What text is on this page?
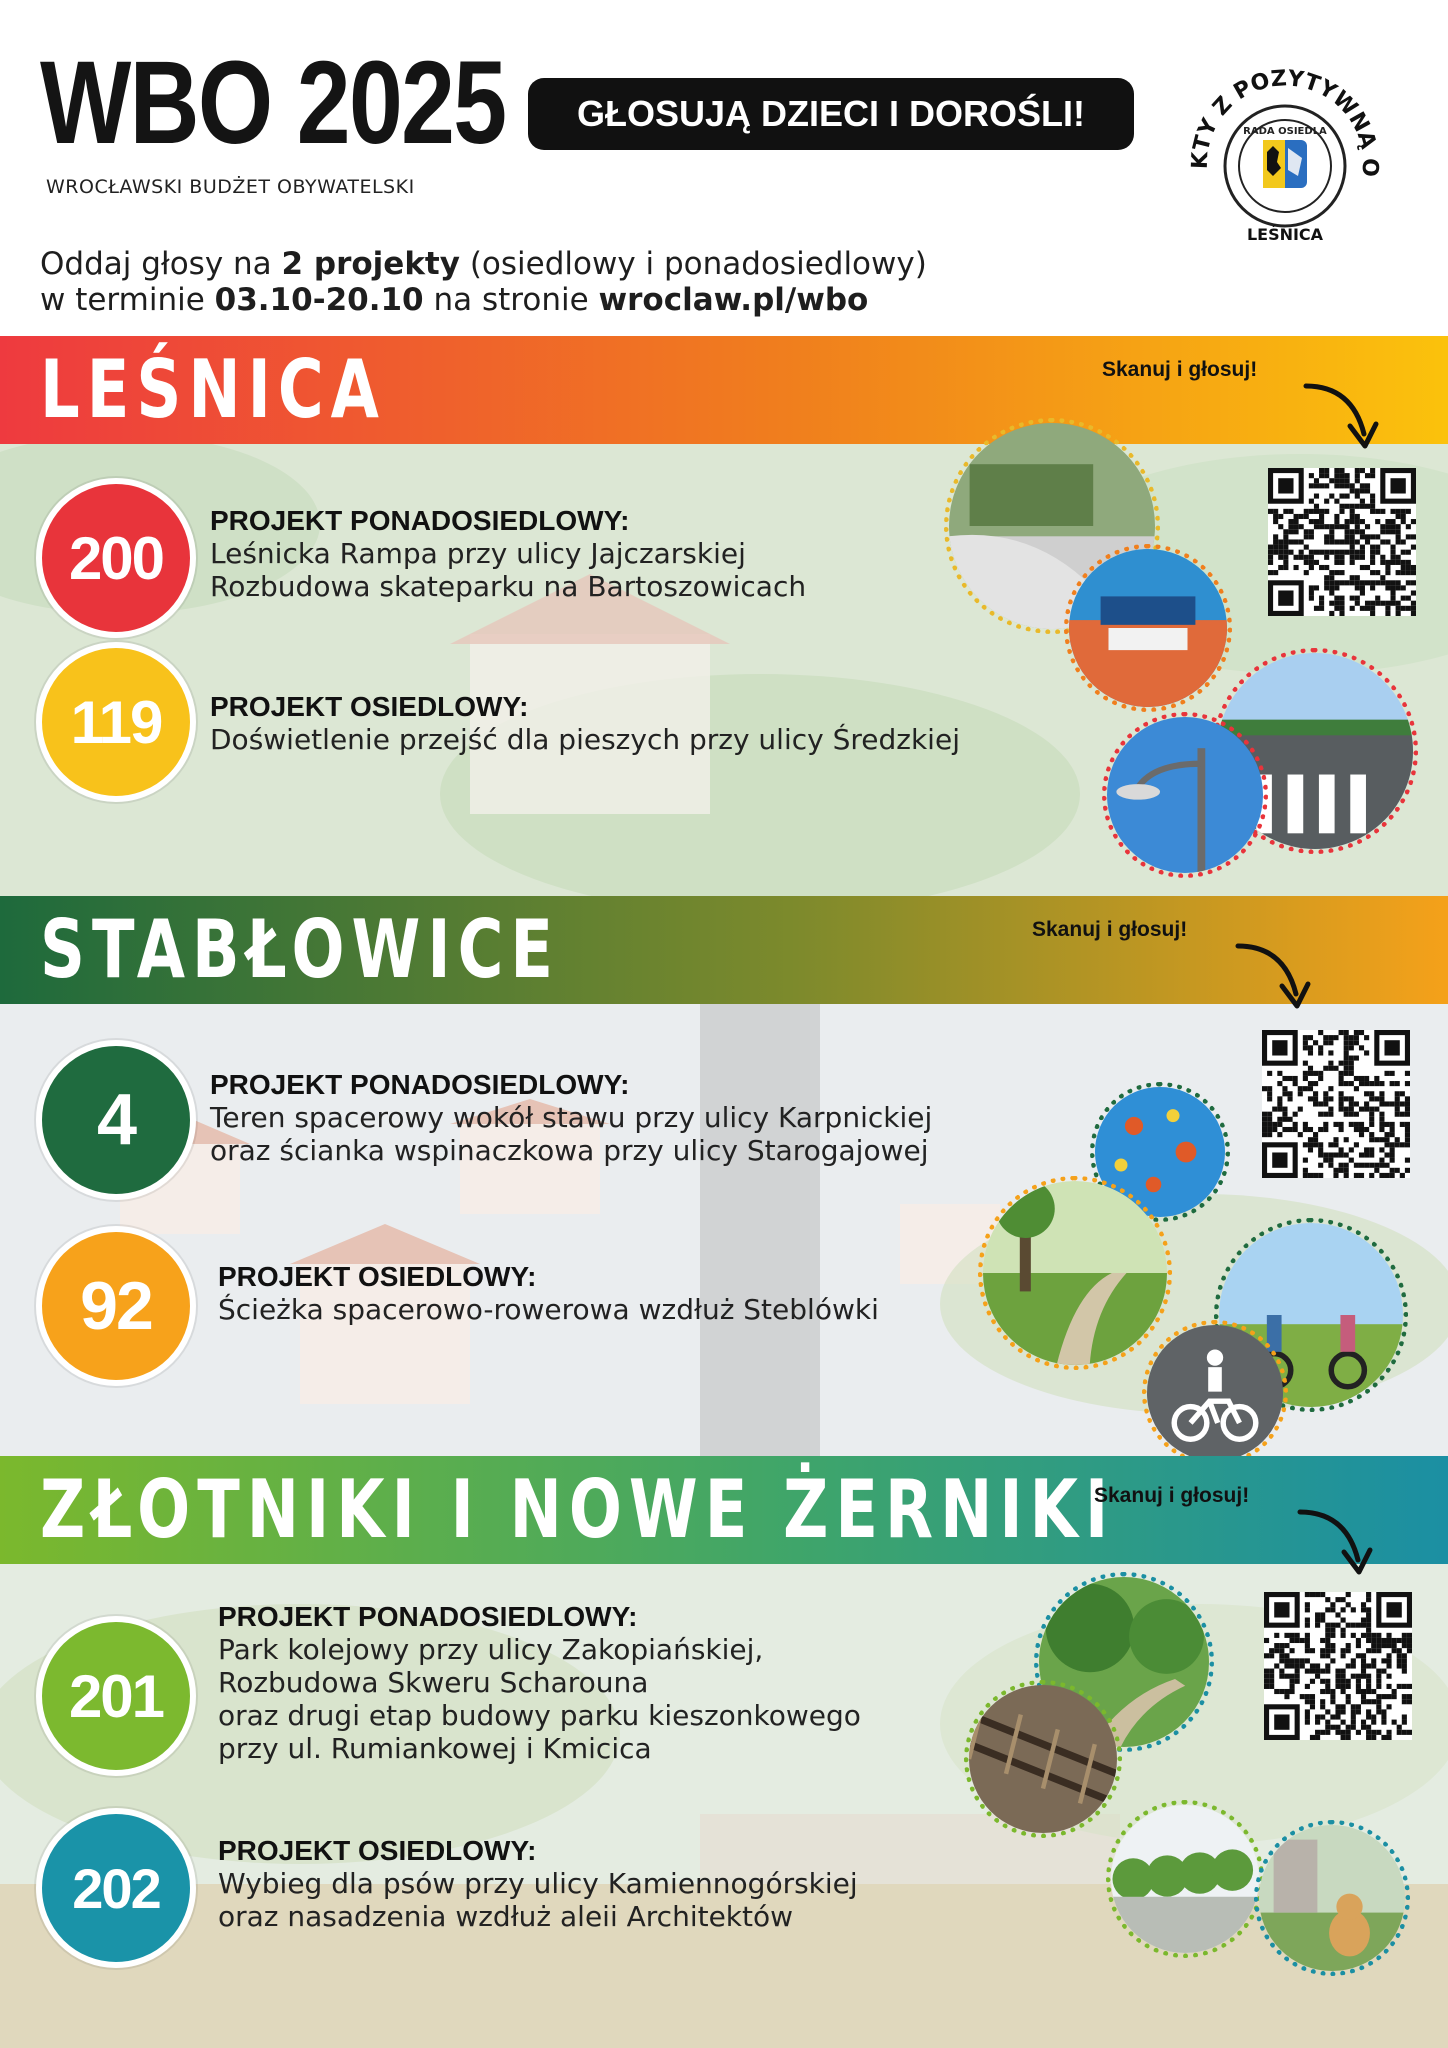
WBO 2025
WROCŁAWSKI BUDŻET OBYWATELSKI
GŁOSUJĄ DZIECI I DOROŚLI!
KTY Z POZYTYWNĄ O
RADA OSIEDLA
LEŚNICA
Oddaj głosy na 2 projekty (osiedlowy i ponadosiedlowy)
w terminie 03.10-20.10 na stronie wroclaw.pl/wbo
LEŚNICA	Skanuj i głosuj!
200
PROJEKT PONADOSIEDLOWY:
Leśnicka Rampa przy ulicy Jajczarskiej
Rozbudowa skateparku na Bartoszowicach
119	PROJEKT OSIEDLOWY:
Doświetlenie przejść dla pieszych przy ulicy Średzkiej
STABŁOWICE	Skanuj i głosuj!
4	PROJEKT PONADOSIEDLOWY:
Teren spacerowy wokół stawu przy ulicy Karpnickiej
oraz ścianka wspinaczkowa przy ulicy Starogajowej
92	PROJEKT OSIEDLOWY:
Ścieżka spacerowo-rowerowa wzdłuż Steblówki
ZŁOTNIKI I NOWE ŻERNIKI
Skanuj i głosuj!
201
PROJEKT PONADOSIEDLOWY:
Park kolejowy przy ulicy Zakopiańskiej,
Rozbudowa Skweru Scharouna
oraz drugi etap budowy parku kieszonkowego
przy ul. Rumiankowej i Kmicica
202
PROJEKT OSIEDLOWY:
Wybieg dla psów przy ulicy Kamiennogórskiej
oraz nasadzenia wzdłuż aleii Architektów
